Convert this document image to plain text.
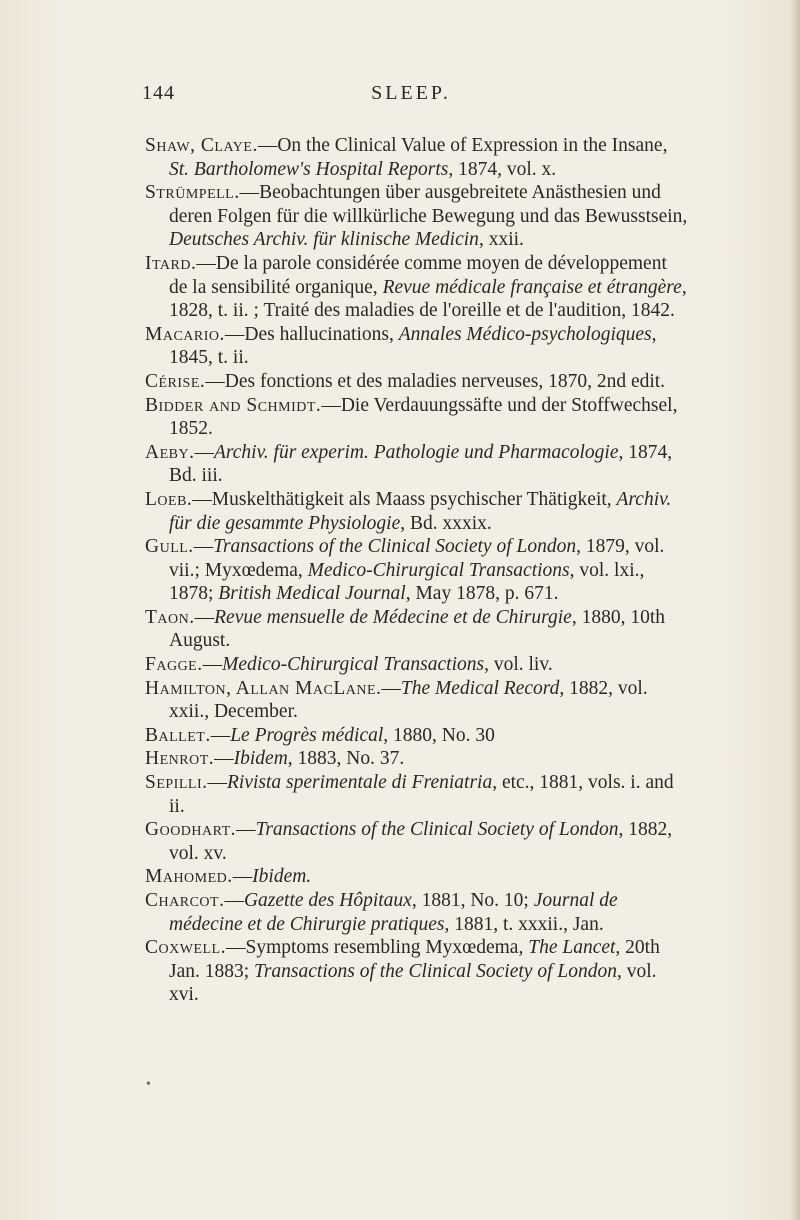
144	SLEEP.

Shaw, Claye.—On the Clinical Value of Expression in the Insane, St. Bartholomew's Hospital Reports, 1874, vol. x.

Strümpell.—Beobachtungen über ausgebreitete Anästhesien und deren Folgen für die willkürliche Bewegung und das Bewusstsein, Deutsches Archiv. für klinische Medicin, xxii.

Itard.—De la parole considérée comme moyen de développement de la sensibilité organique, Revue médicale française et étrangère, 1828, t. ii. ; Traité des maladies de l'oreille et de l'audition, 1842.

Macario.—Des hallucinations, Annales Médico-psychologiques, 1845, t. ii.

Cérise.—Des fonctions et des maladies nerveuses, 1870, 2nd edit.

Bidder and Schmidt.—Die Verdauungssäfte und der Stoffwechsel, 1852.

Aeby.—Archiv. für experim. Pathologie und Pharmacologie, 1874, Bd. iii.

Loeb.—Muskelthätigkeit als Maass psychischer Thätigkeit, Archiv. für die gesammte Physiologie, Bd. xxxix.

Gull.—Transactions of the Clinical Society of London, 1879, vol. vii.; Myxœdema, Medico-Chirurgical Transactions, vol. lxi., 1878; British Medical Journal, May 1878, p. 671.

Taon.—Revue mensuelle de Médecine et de Chirurgie, 1880, 10th August.

Fagge.—Medico-Chirurgical Transactions, vol. liv.

Hamilton, Allan MacLane.—The Medical Record, 1882, vol. xxii., December.

Ballet.—Le Progrès médical, 1880, No. 30

Henrot.—Ibidem, 1883, No. 37.

Sepilli.—Rivista sperimentale di Freniatria, etc., 1881, vols. i. and ii.

Goodhart.—Transactions of the Clinical Society of London, 1882, vol. xv.

Mahomed.—Ibidem.

Charcot.—Gazette des Hôpitaux, 1881, No. 10; Journal de médecine et de Chirurgie pratiques, 1881, t. xxxii., Jan.

Coxwell.—Symptoms resembling Myxœdema, The Lancet, 20th Jan. 1883; Transactions of the Clinical Society of London, vol. xvi.

•
